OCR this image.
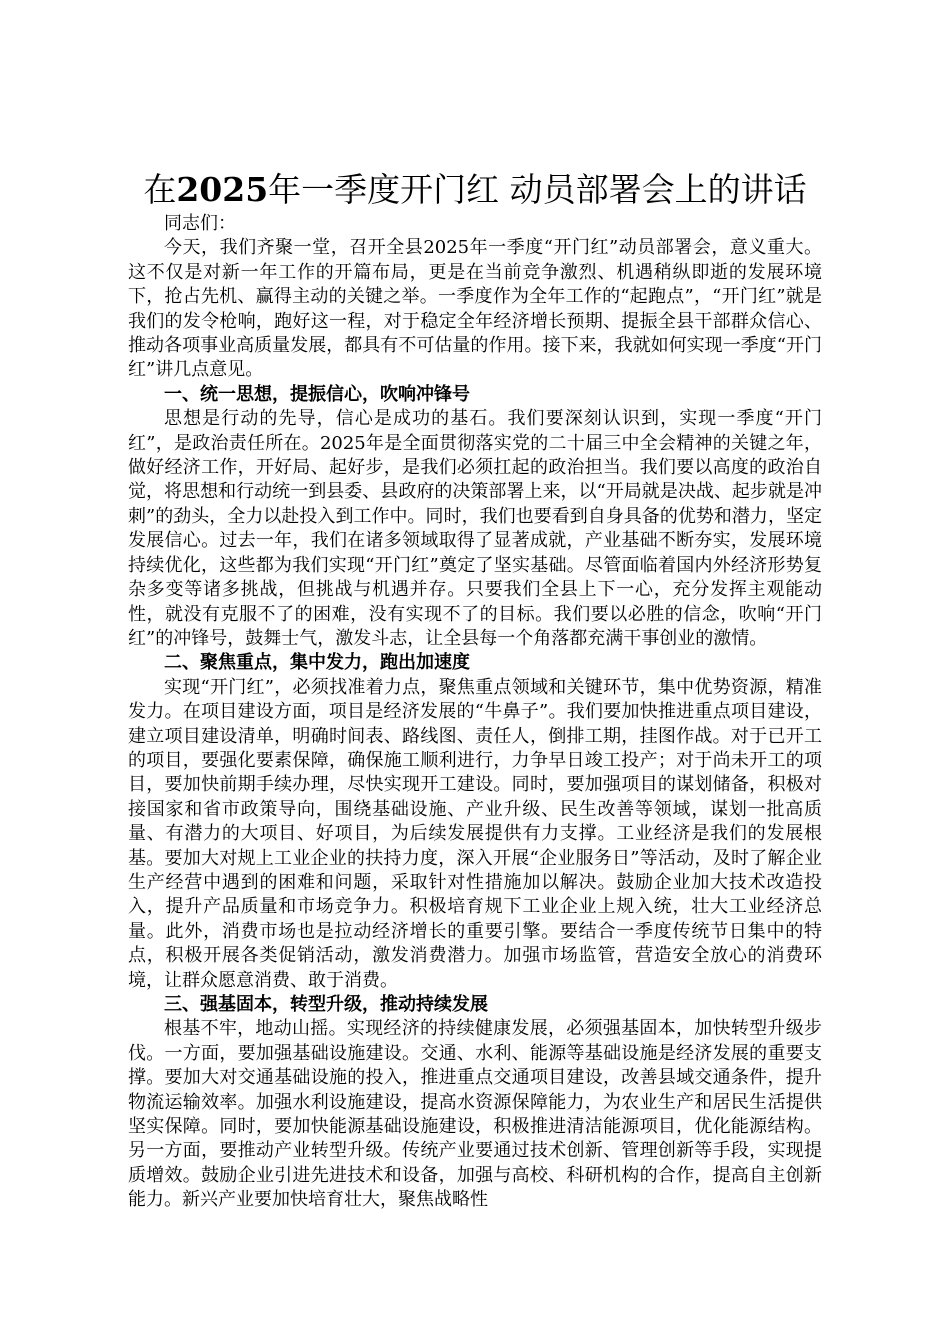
在2025年一季度开门红 动员部署会上的讲话

同志们：

今天，我们齐聚一堂，召开全县2025年一季度“开门红”动员部署会，意义重大。这不仅是对新一年工作的开篇布局，更是在当前竞争激烈、机遇稍纵即逝的发展环境下，抢占先机、赢得主动的关键之举。一季度作为全年工作的“起跑点”，“开门红”就是我们的发令枪响，跑好这一程，对于稳定全年经济增长预期、提振全县干部群众信心、推动各项事业高质量发展，都具有不可估量的作用。接下来，我就如何实现一季度“开门红”讲几点意见。

一、统一思想，提振信心，吹响冲锋号

思想是行动的先导，信心是成功的基石。我们要深刻认识到，实现一季度“开门红”，是政治责任所在。2025年是全面贯彻落实党的二十届三中全会精神的关键之年，做好经济工作，开好局、起好步，是我们必须扛起的政治担当。我们要以高度的政治自觉，将思想和行动统一到县委、县政府的决策部署上来，以“开局就是决战、起步就是冲刺”的劲头，全力以赴投入到工作中。同时，我们也要看到自身具备的优势和潜力，坚定发展信心。过去一年，我们在诸多领域取得了显著成就，产业基础不断夯实，发展环境持续优化，这些都为我们实现“开门红”奠定了坚实基础。尽管面临着国内外经济形势复杂多变等诸多挑战，但挑战与机遇并存。只要我们全县上下一心，充分发挥主观能动性，就没有克服不了的困难，没有实现不了的目标。我们要以必胜的信念，吹响“开门红”的冲锋号，鼓舞士气，激发斗志，让全县每一个角落都充满干事创业的激情。

二、聚焦重点，集中发力，跑出加速度

实现“开门红”，必须找准着力点，聚焦重点领域和关键环节，集中优势资源，精准发力。在项目建设方面，项目是经济发展的“牛鼻子”。我们要加快推进重点项目建设，建立项目建设清单，明确时间表、路线图、责任人，倒排工期，挂图作战。对于已开工的项目，要强化要素保障，确保施工顺利进行，力争早日竣工投产；对于尚未开工的项目，要加快前期手续办理，尽快实现开工建设。同时，要加强项目的谋划储备，积极对接国家和省市政策导向，围绕基础设施、产业升级、民生改善等领域，谋划一批高质量、有潜力的大项目、好项目，为后续发展提供有力支撑。工业经济是我们的发展根基。要加大对规上工业企业的扶持力度，深入开展“企业服务日”等活动，及时了解企业生产经营中遇到的困难和问题，采取针对性措施加以解决。鼓励企业加大技术改造投入，提升产品质量和市场竞争力。积极培育规下工业企业上规入统，壮大工业经济总量。此外，消费市场也是拉动经济增长的重要引擎。要结合一季度传统节日集中的特点，积极开展各类促销活动，激发消费潜力。加强市场监管，营造安全放心的消费环境，让群众愿意消费、敢于消费。

三、强基固本，转型升级，推动持续发展

根基不牢，地动山摇。实现经济的持续健康发展，必须强基固本，加快转型升级步伐。一方面，要加强基础设施建设。交通、水利、能源等基础设施是经济发展的重要支撑。要加大对交通基础设施的投入，推进重点交通项目建设，改善县域交通条件，提升物流运输效率。加强水利设施建设，提高水资源保障能力，为农业生产和居民生活提供坚实保障。同时，要加快能源基础设施建设，积极推进清洁能源项目，优化能源结构。另一方面，要推动产业转型升级。传统产业要通过技术创新、管理创新等手段，实现提质增效。鼓励企业引进先进技术和设备，加强与高校、科研机构的合作，提高自主创新能力。新兴产业要加快培育壮大，聚焦战略性
